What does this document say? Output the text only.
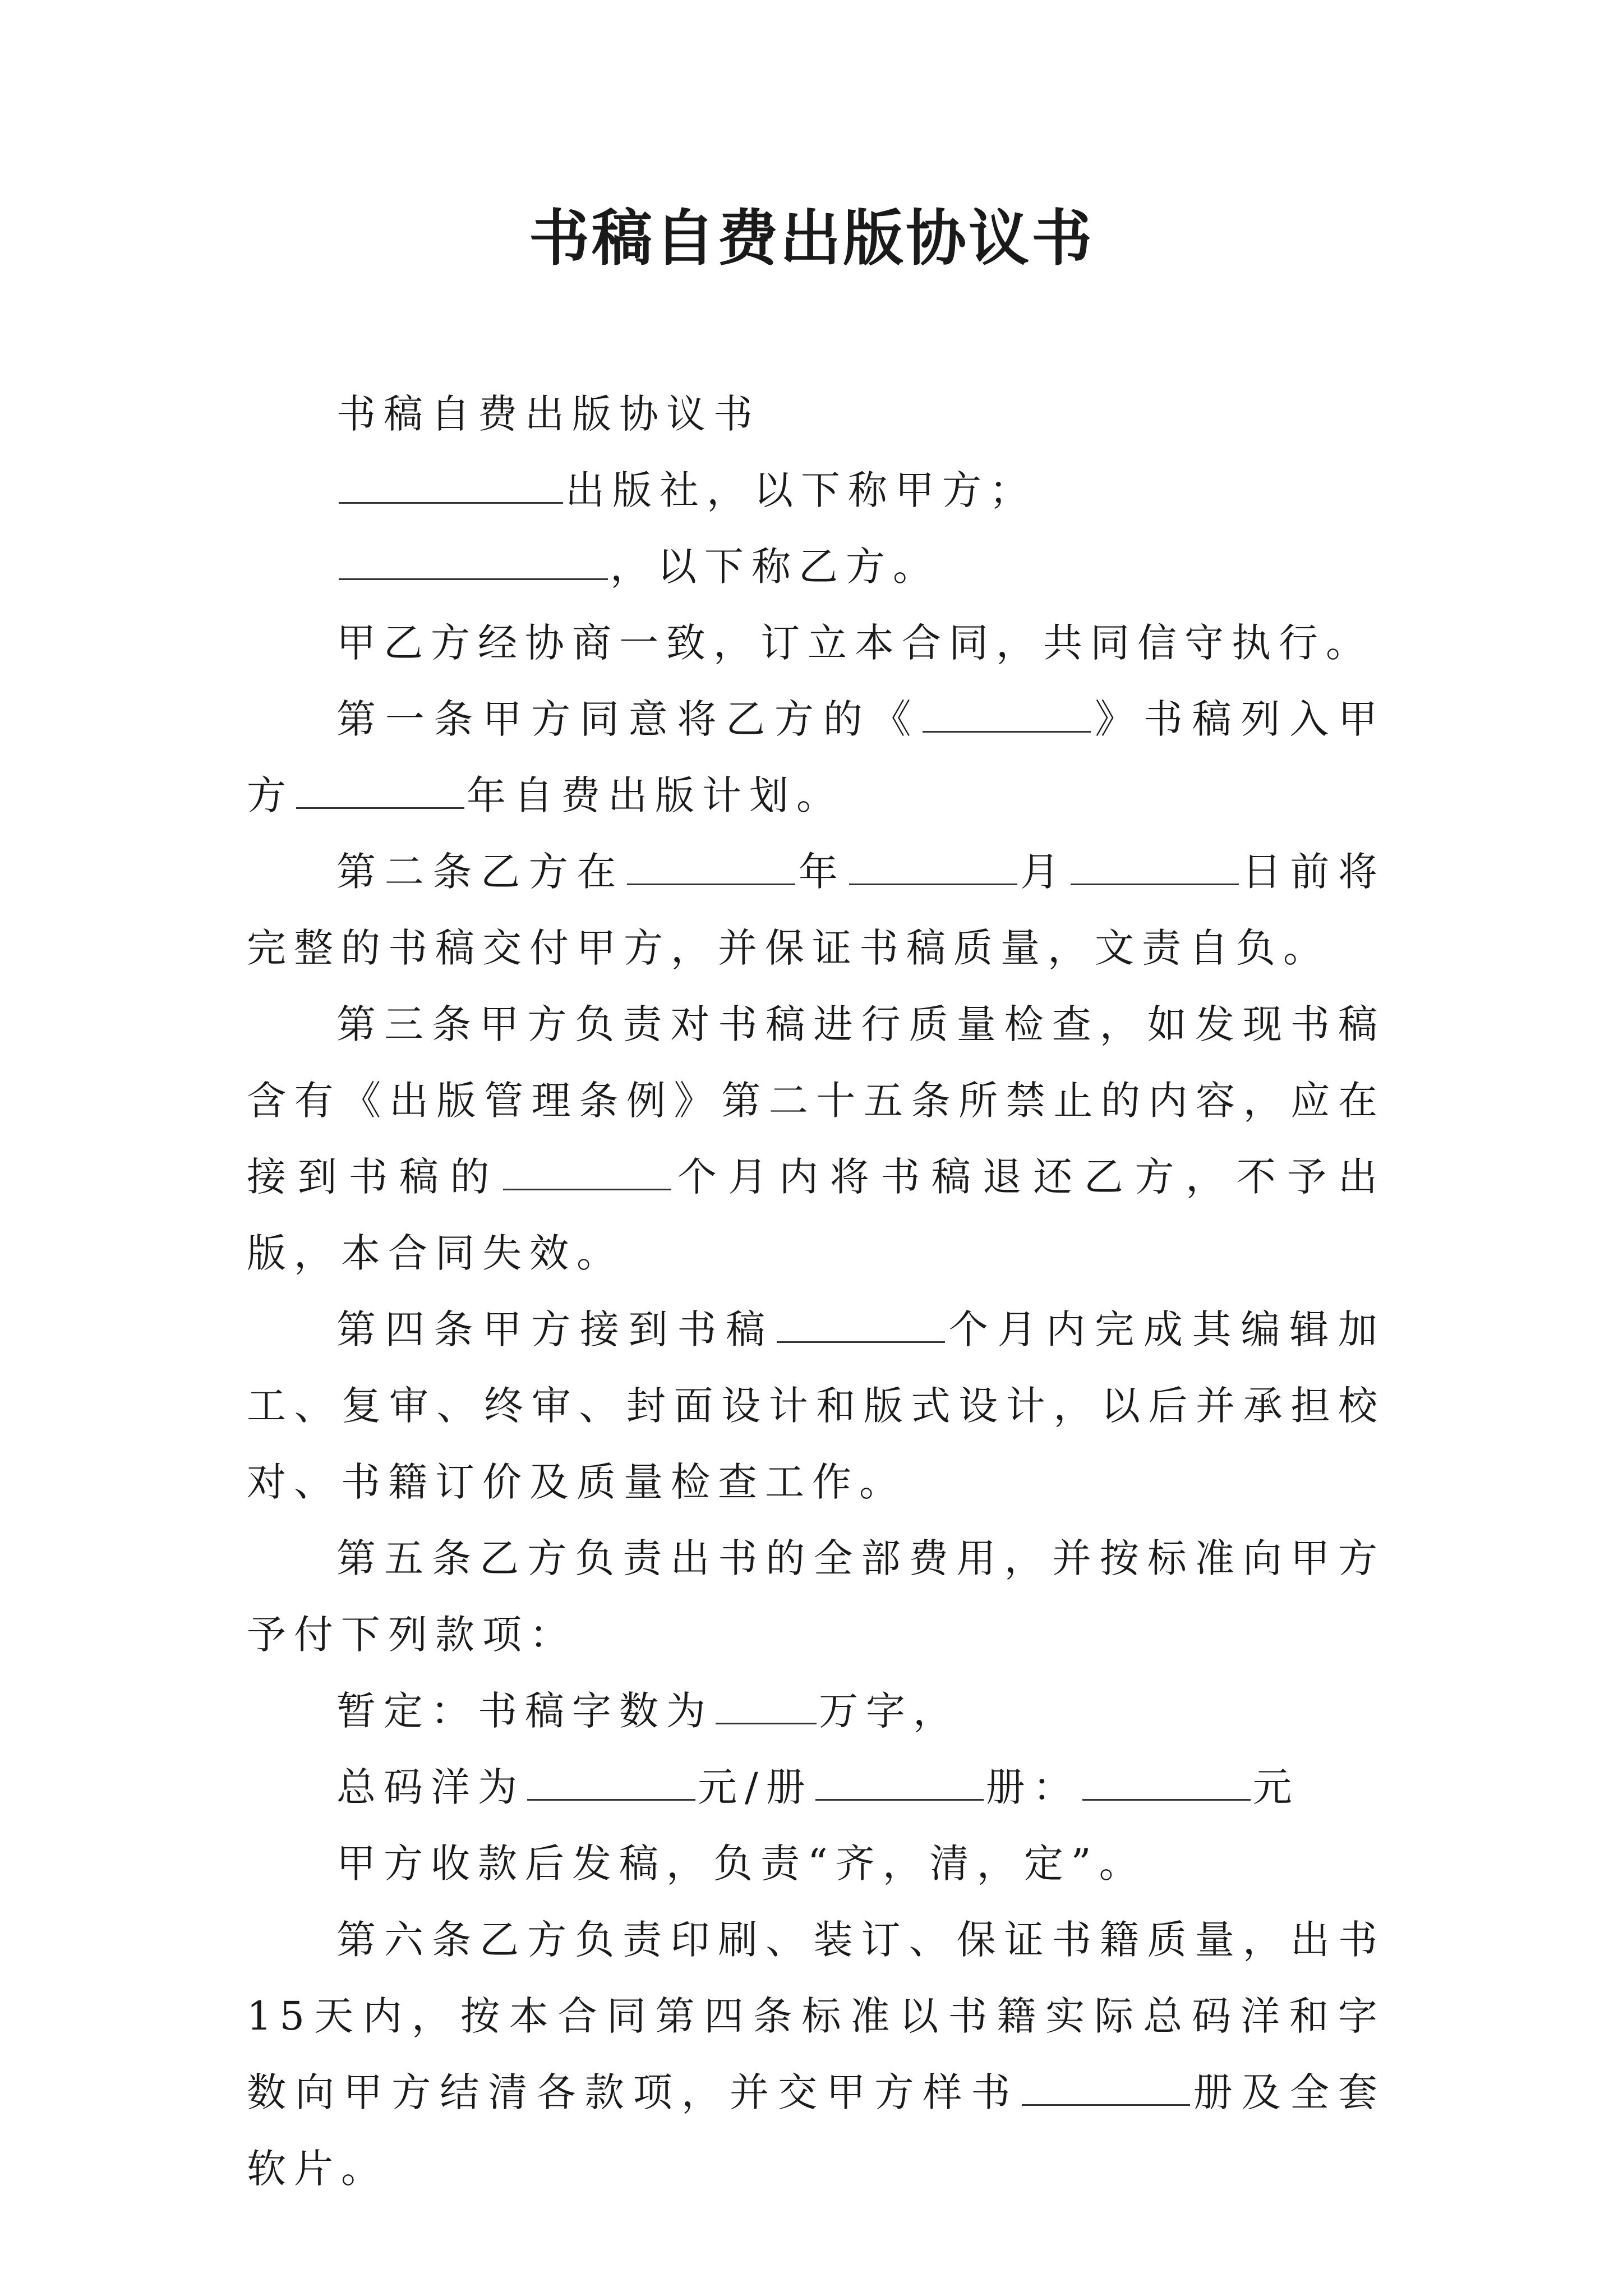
书稿自费出版协议书

书稿自费出版协议书

出版社，以下称甲方；

，以下称乙方。

甲乙方经协商一致，订立本合同，共同信守执行。

第一条甲方同意将乙方的《	》书稿列入甲方	年自费出版计划。

第二条乙方在	年	月	日前将完整的书稿交付甲方，并保证书稿质量，文责自负。

第三条甲方负责对书稿进行质量检查，如发现书稿含有《出版管理条例》第二十五条所禁止的内容，应在接到书稿的	个月内将书稿退还乙方，不予出版，本合同失效。

第四条甲方接到书稿	个月内完成其编辑加工、复审、终审、封面设计和版式设计，以后并承担校对、书籍订价及质量检查工作。

第五条乙方负责出书的全部费用，并按标准向甲方予付下列款项：

暂定：书稿字数为	万字，

总码洋为	元/册	册：	元

甲方收款后发稿，负责“齐，清，定”。

第六条乙方负责印刷、装订、保证书籍质量，出书15天内，按本合同第四条标准以书籍实际总码洋和字数向甲方结清各款项，并交甲方样书	册及全套软片。
